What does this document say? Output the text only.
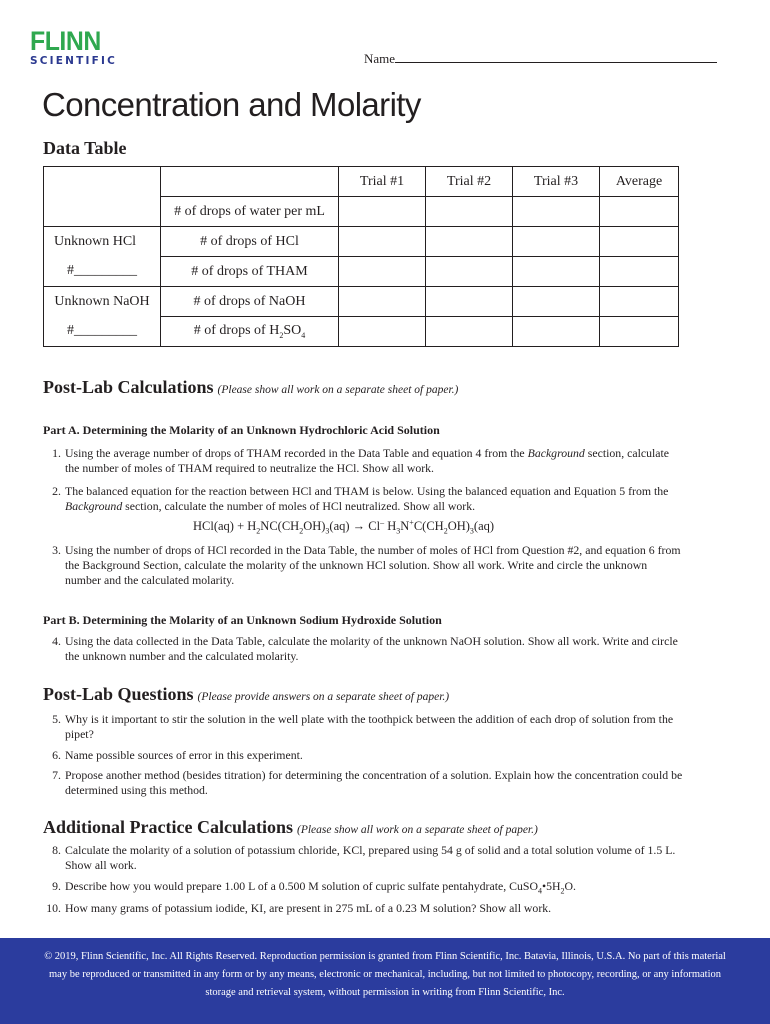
FLINN
SCIENTIFIC	Name
Concentration and Molarity
Data Table
		Trial #1	Trial #2	Trial #3	Average
	# of drops of water per mL				
Unknown HCl	# of drops of HCl				
#_________	# of drops of THAM				
Unknown NaOH	# of drops of NaOH				
#_________	# of drops of $H_2SO_4$				
Post-Lab Calculations (Please show all work on a separate sheet of paper.)
Part A. Determining the Molarity of an Unknown Hydrochloric Acid Solution
1. Using the average number of drops of THAM recorded in the Data Table and equation 4 from the Background section, calculate the number of moles of THAM required to neutralize the HCl. Show all work.
2. The balanced equation for the reaction between HCl and THAM is below. Using the balanced equation and Equation 5 from the Background section, calculate the number of moles of HCl neutralized. Show all work.
$HCl(aq) + H_2NC(CH_2OH)_3(aq) \to Cl^-$ $H_3N^+C(CH_2OH)_3(aq)$
3. Using the number of drops of HCl recorded in the Data Table, the number of moles of HCl from Question #2, and equation 6 from the Background Section, calculate the molarity of the unknown HCl solution. Show all work. Write and circle the unknown number and the calculated molarity.
Part B. Determining the Molarity of an Unknown Sodium Hydroxide Solution
4. Using the data collected in the Data Table, calculate the molarity of the unknown NaOH solution. Show all work. Write and circle the unknown number and the calculated molarity.
Post-Lab Questions (Please provide answers on a separate sheet of paper.)
5. Why is it important to stir the solution in the well plate with the toothpick between the addition of each drop of solution from the pipet?
6. Name possible sources of error in this experiment.
7. Propose another method (besides titration) for determining the concentration of a solution. Explain how the concentration could be determined using this method.
Additional Practice Calculations (Please show all work on a separate sheet of paper.)
8. Calculate the molarity of a solution of potassium chloride, KCl, prepared using 54 g of solid and a total solution volume of 1.5 L. Show all work.
9. Describe how you would prepare 1.00 L of a 0.500 M solution of cupric sulfate pentahydrate, $CuSO_4•5H_2O$.
10. How many grams of potassium iodide, KI, are present in 275 mL of a 0.23 M solution? Show all work.
© 2019, Flinn Scientific, Inc. All Rights Reserved. Reproduction permission is granted from Flinn Scientific, Inc. Batavia, Illinois, U.S.A. No part of this material may be reproduced or transmitted in any form or by any means, electronic or mechanical, including, but not limited to photocopy, recording, or any information storage and retrieval system, without permission in writing from Flinn Scientific, Inc.
